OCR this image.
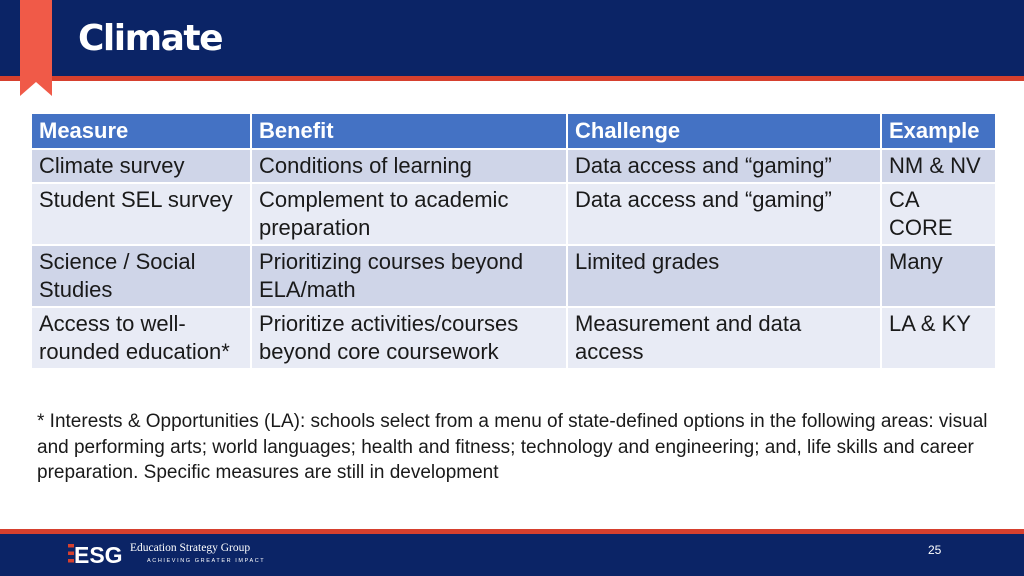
Climate
Measure	Benefit	Challenge	Example
Climate survey	Conditions of learning	Data access and “gaming”	NM & NV
Student SEL survey	Complement to academic preparation	Data access and “gaming”	CA CORE
Science / Social Studies	Prioritizing courses beyond ELA/math	Limited grades	Many
Access to well-rounded education*	Prioritize activities/courses beyond core coursework	Measurement and data access	LA & KY

* Interests & Opportunities (LA): schools select from a menu of state-defined options in the following areas: visual and performing arts; world languages; health and fitness; technology and engineering; and, life skills and career preparation. Specific measures are still in development

ESG Education Strategy Group

ACHIEVING GREATER IMPACT

25
